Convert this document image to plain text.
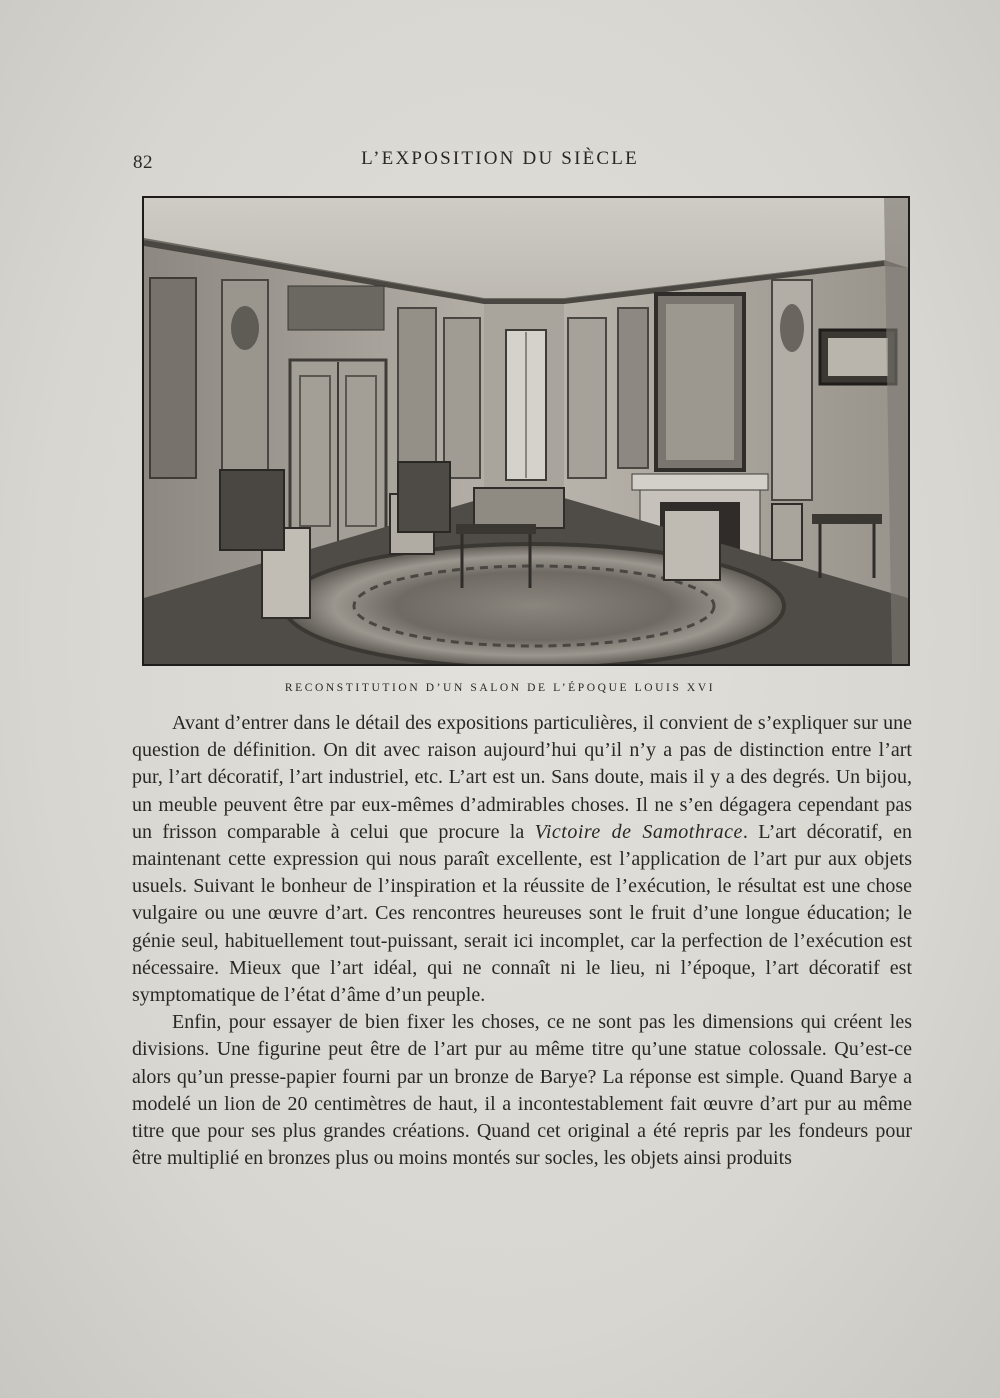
82	L’EXPOSITION DU SIÈCLE
RECONSTITUTION D’UN SALON DE L’ÉPOQUE LOUIS XVI

Avant d’entrer dans le détail des expositions particulières, il convient de s’expliquer sur une question de définition. On dit avec raison aujourd’hui qu’il n’y a pas de distinction entre l’art pur, l’art décoratif, l’art industriel, etc. L’art est un. Sans doute, mais il y a des degrés. Un bijou, un meuble peuvent être par eux-mêmes d’admirables choses. Il ne s’en dégagera cependant pas un frisson comparable à celui que procure la Victoire de Samothrace. L’art décoratif, en maintenant cette expression qui nous paraît excellente, est l’application de l’art pur aux objets usuels. Suivant le bonheur de l’inspiration et la réussite de l’exécution, le résultat est une chose vulgaire ou une œuvre d’art. Ces rencontres heureuses sont le fruit d’une longue éducation; le génie seul, habituellement tout-puissant, serait ici incomplet, car la perfection de l’exécution est nécessaire. Mieux que l’art idéal, qui ne connaît ni le lieu, ni l’époque, l’art décoratif est symptomatique de l’état d’âme d’un peuple.

Enfin, pour essayer de bien fixer les choses, ce ne sont pas les dimensions qui créent les divisions. Une figurine peut être de l’art pur au même titre qu’une statue colossale. Qu’est-ce alors qu’un presse-papier fourni par un bronze de Barye? La réponse est simple. Quand Barye a modelé un lion de 20 centimètres de haut, il a incontestablement fait œuvre d’art pur au même titre que pour ses plus grandes créations. Quand cet original a été repris par les fondeurs pour être multiplié en bronzes plus ou moins montés sur socles, les objets ainsi produits
